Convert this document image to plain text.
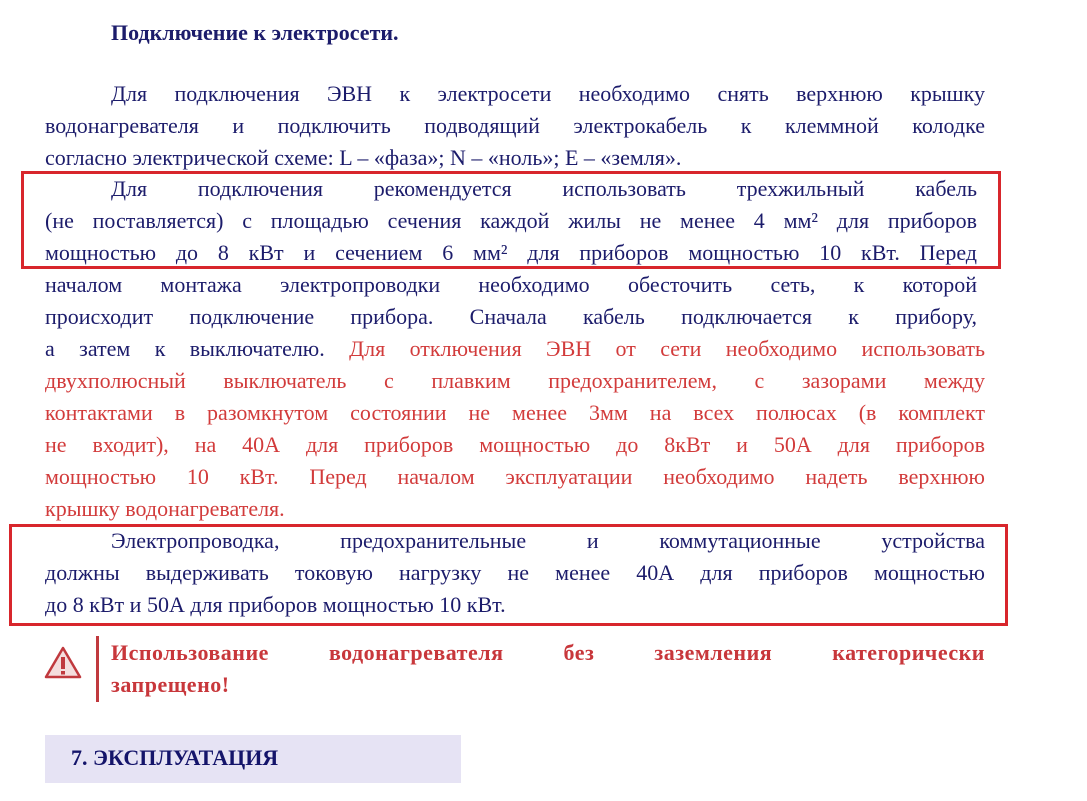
Подключение к электросети.
Для подключения ЭВН к электросети необходимо снять верхнюю крышку
водонагревателя и подключить подводящий электрокабель к клеммной колодке
согласно электрической схеме: L – «фаза»; N – «ноль»; E – «земля».
Для подключения рекомендуется использовать трехжильный кабель
(не поставляется) с площадью сечения каждой жилы не менее 4 мм² для приборов
мощностью до 8 кВт и сечением 6 мм² для приборов мощностью 10 кВт. Перед
началом монтажа электропроводки необходимо обесточить сеть, к которой
происходит подключение прибора. Сначала кабель подключается к прибору,
а затем к выключателю. Для отключения ЭВН от сети необходимо использовать
двухполюсный выключатель с плавким предохранителем, с зазорами между
контактами в разомкнутом состоянии не менее 3мм на всех полюсах (в комплект
не входит), на 40А для приборов мощностью до 8кВт и 50А для приборов
мощностью 10 кВт. Перед началом эксплуатации необходимо надеть верхнюю
крышку водонагревателя.
Электропроводка, предохранительные и коммутационные устройства
должны выдерживать токовую нагрузку не менее 40А для приборов мощностью
до 8 кВт и 50А для приборов мощностью 10 кВт.
Использование водонагревателя без заземления категорически
запрещено!
7. ЭКСПЛУАТАЦИЯ
